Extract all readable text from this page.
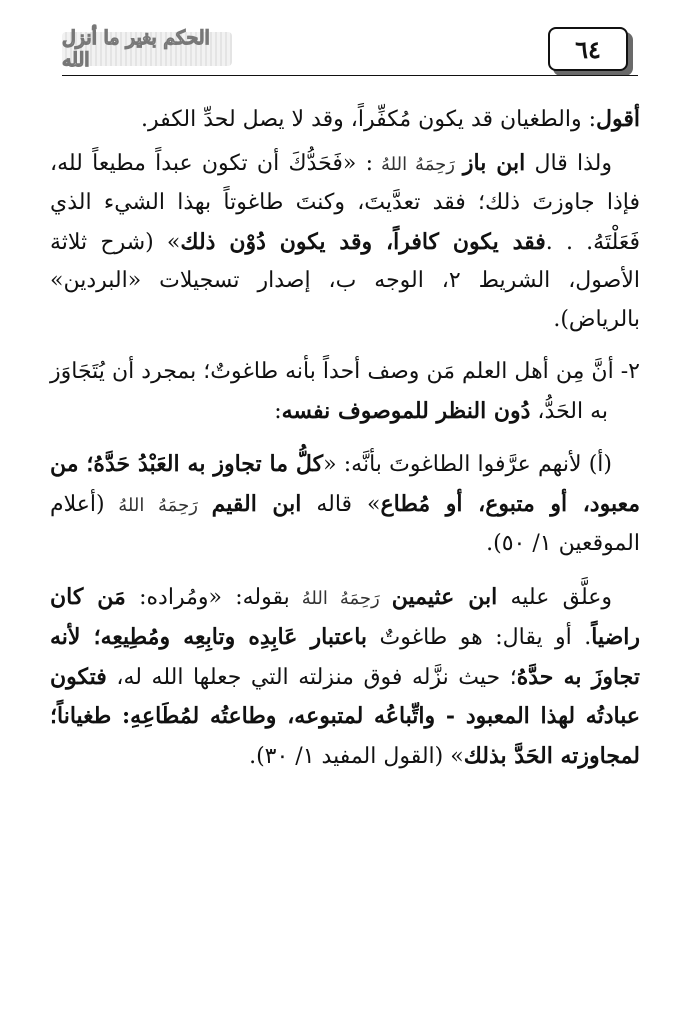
الحكم بغير ما أنزل الله	٦٤

أقول: والطغيان قد يكون مُكفِّراً، وقد لا يصل لحدِّ الكفر.

ولذا قال ابن باز رَحِمَهُ اللهُ : «فَحَدُّكَ أن تكون عبداً مطيعاً لله، فإذا جاوزتَ ذلك؛ فقد تعدَّيتَ، وكنتَ طاغوتاً بهذا الشيء الذي فَعَلْتَهُ. . .فقد يكون كافراً، وقد يكون دُوْن ذلك» (شرح ثلاثة الأصول، الشريط ٢، الوجه ب، إصدار تسجيلات «البردين» بالرياض).

٢- أنَّ مِن أهل العلم مَن وصف أحداً بأنه طاغوتٌ؛ بمجرد أن يُتَجَاوَز به الحَدُّ، دُون النظر للموصوف نفسه:

(أ) لأنهم عرَّفوا الطاغوتَ بأنَّه: «كلُّ ما تجاوز به العَبْدُ حَدَّهُ؛ من معبود، أو متبوع، أو مُطاع» قاله ابن القيم رَحِمَهُ اللهُ (أعلام الموقعين ١/ ٥٠).

وعلَّق عليه ابن عثيمين رَحِمَهُ اللهُ بقوله: «ومُراده: مَن كان راضياً. أو يقال: هو طاغوتٌ باعتبار عَابِدِه وتابِعِه ومُطِيعِه؛ لأنه تجاوزَ به حدَّهُ؛ حيث نزَّله فوق منزلته التي جعلها الله له، فتكون عبادتُه لهذا المعبود - واتِّباعُه لمتبوعه، وطاعتُه لمُطَاعِهِ: طغياناً؛ لمجاوزته الحَدَّ بذلك» (القول المفيد ١/ ٣٠).
